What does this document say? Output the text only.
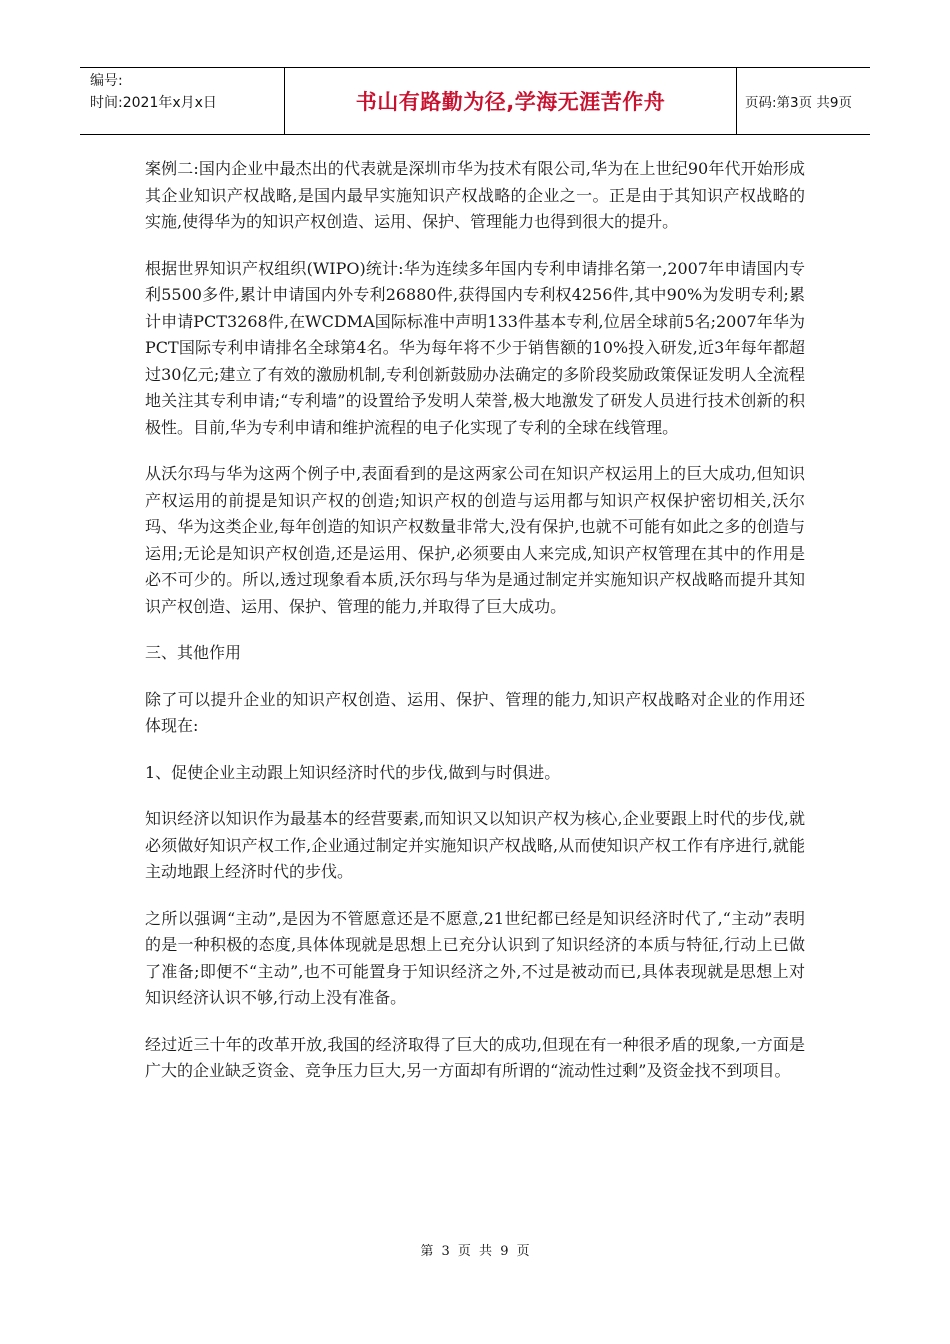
编号:
时间:2021年x月x日	书山有路勤为径,学海无涯苦作舟	页码:第3页 共9页

案例二:国内企业中最杰出的代表就是深圳市华为技术有限公司,华为在上世纪90年代开始形成其企业知识产权战略,是国内最早实施知识产权战略的企业之一。正是由于其知识产权战略的实施,使得华为的知识产权创造、运用、保护、管理能力也得到很大的提升。

根据世界知识产权组织(WIPO)统计:华为连续多年国内专利申请排名第一,2007年申请国内专利5500多件,累计申请国内外专利26880件,获得国内专利权4256件,其中90%为发明专利;累计申请PCT3268件,在WCDMA国际标准中声明133件基本专利,位居全球前5名;2007年华为PCT国际专利申请排名全球第4名。华为每年将不少于销售额的10%投入研发,近3年每年都超过30亿元;建立了有效的激励机制,专利创新鼓励办法确定的多阶段奖励政策保证发明人全流程地关注其专利申请;“专利墙”的设置给予发明人荣誉,极大地激发了研发人员进行技术创新的积极性。目前,华为专利申请和维护流程的电子化实现了专利的全球在线管理。

从沃尔玛与华为这两个例子中,表面看到的是这两家公司在知识产权运用上的巨大成功,但知识产权运用的前提是知识产权的创造;知识产权的创造与运用都与知识产权保护密切相关,沃尔玛、华为这类企业,每年创造的知识产权数量非常大,没有保护,也就不可能有如此之多的创造与运用;无论是知识产权创造,还是运用、保护,必须要由人来完成,知识产权管理在其中的作用是必不可少的。所以,透过现象看本质,沃尔玛与华为是通过制定并实施知识产权战略而提升其知识产权创造、运用、保护、管理的能力,并取得了巨大成功。

三、其他作用

除了可以提升企业的知识产权创造、运用、保护、管理的能力,知识产权战略对企业的作用还体现在:

1、促使企业主动跟上知识经济时代的步伐,做到与时俱进。

知识经济以知识作为最基本的经营要素,而知识又以知识产权为核心,企业要跟上时代的步伐,就必须做好知识产权工作,企业通过制定并实施知识产权战略,从而使知识产权工作有序进行,就能主动地跟上经济时代的步伐。

之所以强调“主动”,是因为不管愿意还是不愿意,21世纪都已经是知识经济时代了,“主动”表明的是一种积极的态度,具体体现就是思想上已充分认识到了知识经济的本质与特征,行动上已做了准备;即便不“主动”,也不可能置身于知识经济之外,不过是被动而已,具体表现就是思想上对知识经济认识不够,行动上没有准备。

经过近三十年的改革开放,我国的经济取得了巨大的成功,但现在有一种很矛盾的现象,一方面是广大的企业缺乏资金、竞争压力巨大,另一方面却有所谓的“流动性过剩”及资金找不到项目。

第 3 页 共 9 页
